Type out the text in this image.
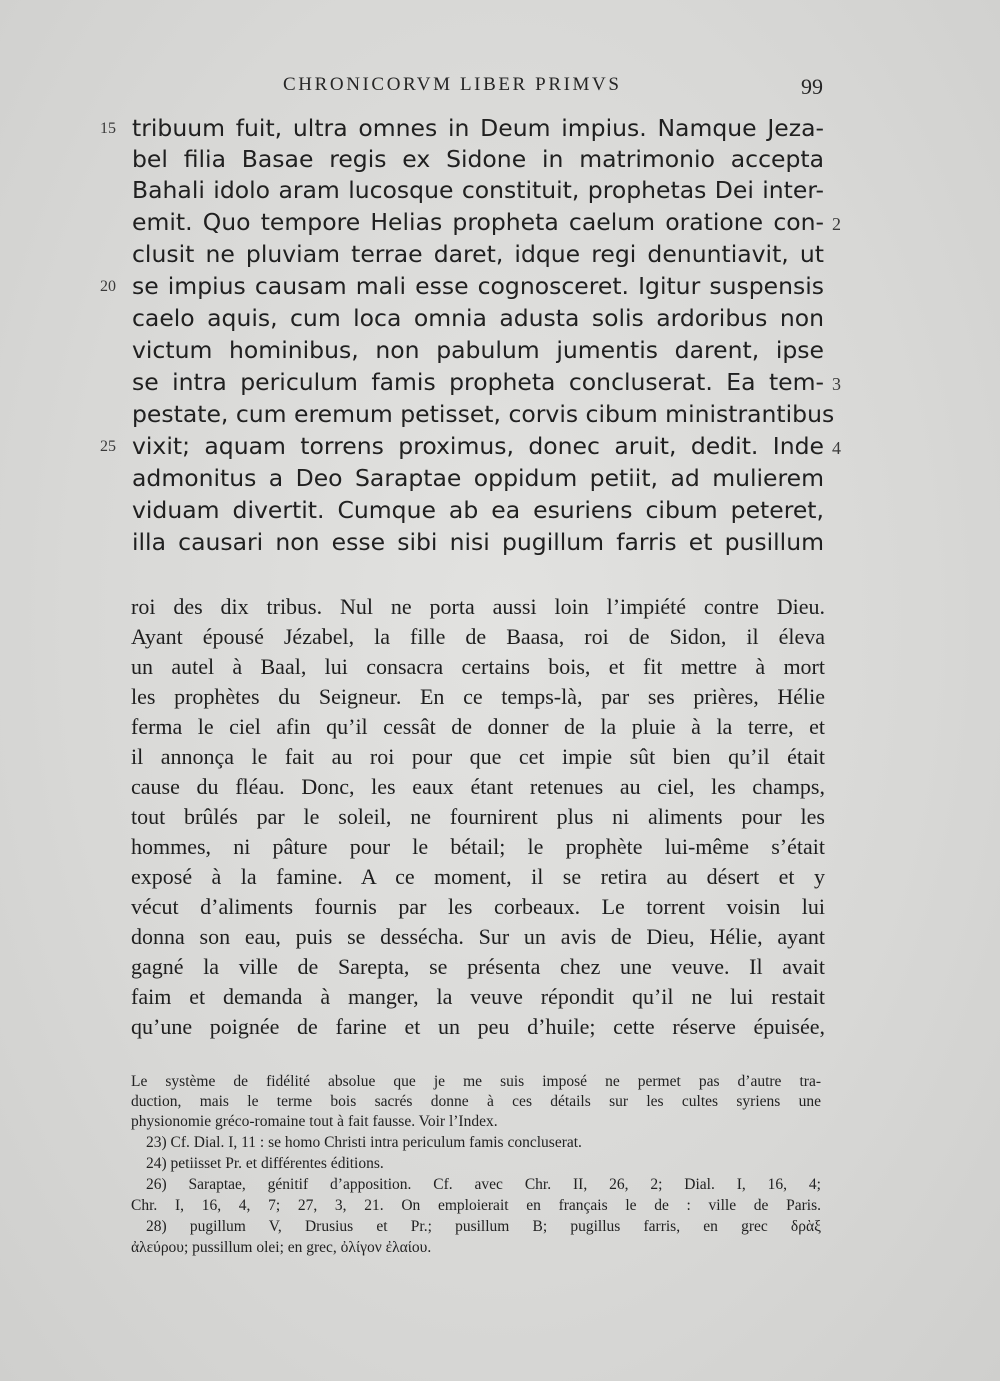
CHRONICORVM LIBER PRIMVS	99
tribuum fuit, ultra omnes in Deum impius. Namque Jeza-
bel filia Basae regis ex Sidone in matrimonio accepta
Bahali idolo aram lucosque constituit, prophetas Dei inter-
emit. Quo tempore Helias propheta caelum oratione con-
clusit ne pluviam terrae daret, idque regi denuntiavit, ut
se impius causam mali esse cognosceret. Igitur suspensis
caelo aquis, cum loca omnia adusta solis ardoribus non
victum hominibus, non pabulum jumentis darent, ipse
se intra periculum famis propheta concluserat. Ea tem-
pestate, cum eremum petisset, corvis cibum ministrantibus
vixit; aquam torrens proximus, donec aruit, dedit. Inde
admonitus a Deo Saraptae oppidum petiit, ad mulierem
viduam divertit. Cumque ab ea esuriens cibum peteret,
illa causari non esse sibi nisi pugillum farris et pusillum
15
20
25
2
3
4
roi des dix tribus. Nul ne porta aussi loin l’impiété contre Dieu.
Ayant épousé Jézabel, la fille de Baasa, roi de Sidon, il éleva
un autel à Baal, lui consacra certains bois, et fit mettre à mort
les prophètes du Seigneur. En ce temps-là, par ses prières, Hélie
ferma le ciel afin qu’il cessât de donner de la pluie à la terre, et
il annonça le fait au roi pour que cet impie sût bien qu’il était
cause du fléau. Donc, les eaux étant retenues au ciel, les champs,
tout brûlés par le soleil, ne fournirent plus ni aliments pour les
hommes, ni pâture pour le bétail; le prophète lui-même s’était
exposé à la famine. A ce moment, il se retira au désert et y
vécut d’aliments fournis par les corbeaux. Le torrent voisin lui
donna son eau, puis se dessécha. Sur un avis de Dieu, Hélie, ayant
gagné la ville de Sarepta, se présenta chez une veuve. Il avait
faim et demanda à manger, la veuve répondit qu’il ne lui restait
qu’une poignée de farine et un peu d’huile; cette réserve épuisée,
Le système de fidélité absolue que je me suis imposé ne permet pas d’autre tra-
duction, mais le terme bois sacrés donne à ces détails sur les cultes syriens une
physionomie gréco-romaine tout à fait fausse. Voir l’Index.
23) Cf. Dial. I, 11 : se homo Christi intra periculum famis concluserat.
24) petiisset Pr. et différentes éditions.
26) Saraptae, génitif d’apposition. Cf. avec Chr. II, 26, 2; Dial. I, 16, 4;
Chr. I, 16, 4, 7; 27, 3, 21. On emploierait en français le de : ville de Paris.
28) pugillum V, Drusius et Pr.; pusillum B; pugillus farris, en grec δρὰξ
ἀλεύρου; pussillum olei; en grec, ὀλίγον ἐλαίου.
